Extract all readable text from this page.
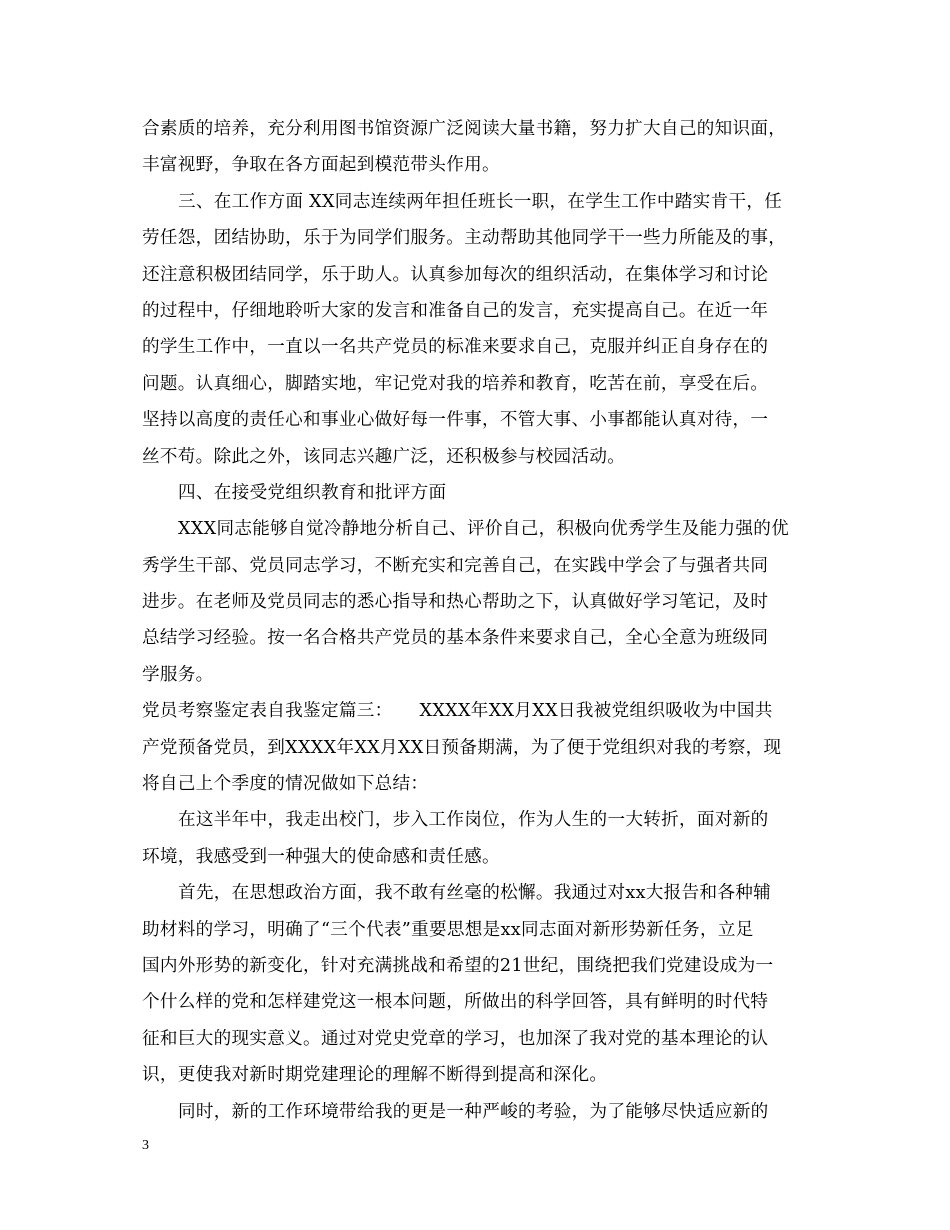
合素质的培养，充分利用图书馆资源广泛阅读大量书籍，努力扩大自己的知识面，
丰富视野，争取在各方面起到模范带头作用。
三、在工作方面 XX同志连续两年担任班长一职，在学生工作中踏实肯干，任
劳任怨，团结协助，乐于为同学们服务。主动帮助其他同学干一些力所能及的事，
还注意积极团结同学，乐于助人。认真参加每次的组织活动，在集体学习和讨论
的过程中，仔细地聆听大家的发言和准备自己的发言，充实提高自己。在近一年
的学生工作中，一直以一名共产党员的标准来要求自己，克服并纠正自身存在的
问题。认真细心，脚踏实地，牢记党对我的培养和教育，吃苦在前，享受在后。
坚持以高度的责任心和事业心做好每一件事，不管大事、小事都能认真对待，一
丝不苟。除此之外，该同志兴趣广泛，还积极参与校园活动。
四、在接受党组织教育和批评方面
XXX同志能够自觉冷静地分析自己、评价自己，积极向优秀学生及能力强的优
秀学生干部、党员同志学习，不断充实和完善自己，在实践中学会了与强者共同
进步。在老师及党员同志的悉心指导和热心帮助之下，认真做好学习笔记，及时
总结学习经验。按一名合格共产党员的基本条件来要求自己，全心全意为班级同
学服务。
党员考察鉴定表自我鉴定篇三：　　XXXX年XX月XX日我被党组织吸收为中国共
产党预备党员，到XXXX年XX月XX日预备期满，为了便于党组织对我的考察，现
将自己上个季度的情况做如下总结：
在这半年中，我走出校门，步入工作岗位，作为人生的一大转折，面对新的
环境，我感受到一种强大的使命感和责任感。
首先，在思想政治方面，我不敢有丝毫的松懈。我通过对xx大报告和各种辅
助材料的学习，明确了“三个代表”重要思想是xx同志面对新形势新任务，立足
国内外形势的新变化，针对充满挑战和希望的21世纪，围绕把我们党建设成为一
个什么样的党和怎样建党这一根本问题，所做出的科学回答，具有鲜明的时代特
征和巨大的现实意义。通过对党史党章的学习，也加深了我对党的基本理论的认
识，更使我对新时期党建理论的理解不断得到提高和深化。
同时，新的工作环境带给我的更是一种严峻的考验，为了能够尽快适应新的
3
